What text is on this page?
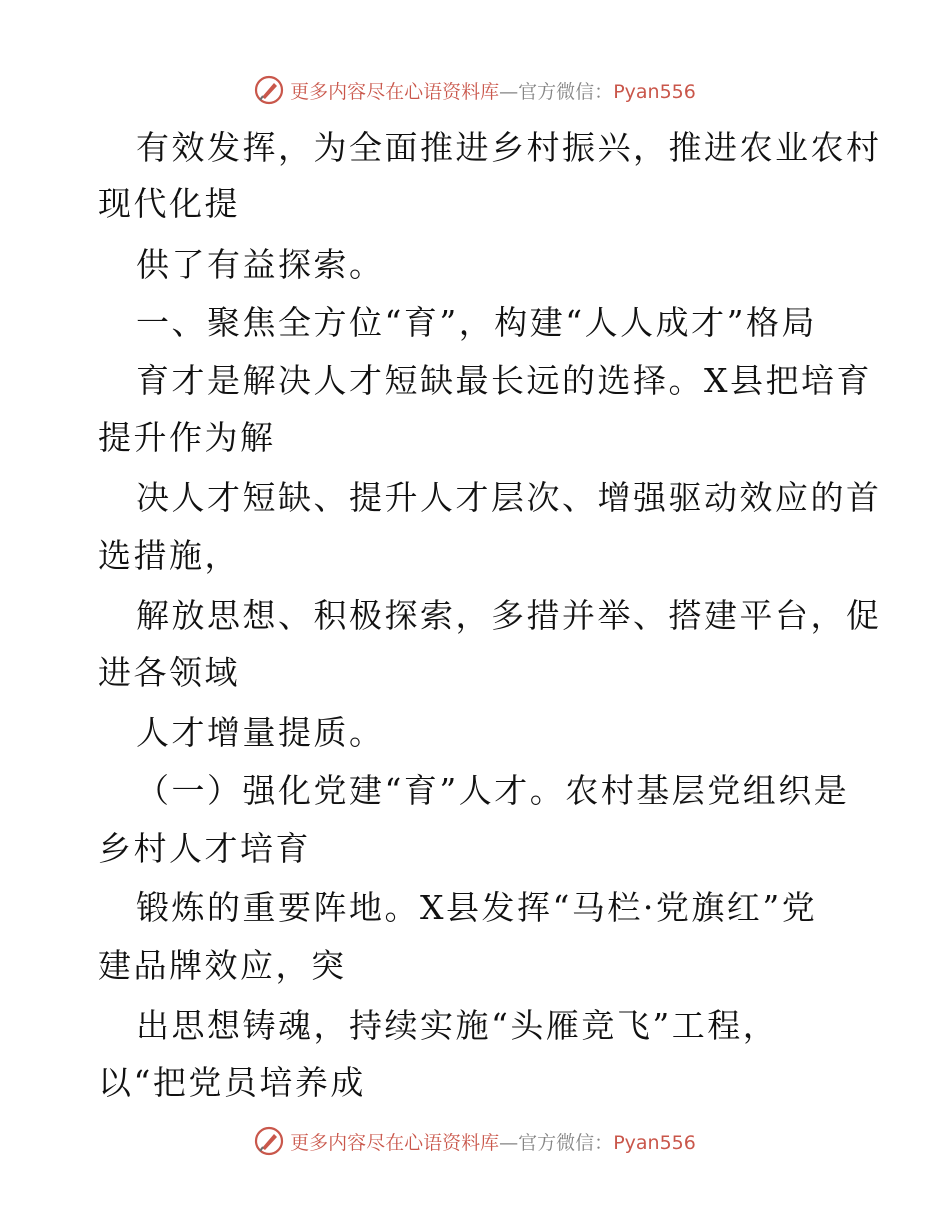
更多内容尽在心语资料库—官方微信：Pyan556
有效发挥，为全面推进乡村振兴，推进农业农村
现代化提
供了有益探索。
一、聚焦全方位“育”，构建“人人成才”格局
育才是解决人才短缺最长远的选择。X县把培育
提升作为解
决人才短缺、提升人才层次、增强驱动效应的首
选措施，
解放思想、积极探索，多措并举、搭建平台，促
进各领域
人才增量提质。
（一）强化党建“育”人才。农村基层党组织是
乡村人才培育
锻炼的重要阵地。X县发挥“马栏·党旗红”党
建品牌效应，突
出思想铸魂，持续实施“头雁竞飞”工程，
以“把党员培养成
更多内容尽在心语资料库—官方微信：Pyan556
